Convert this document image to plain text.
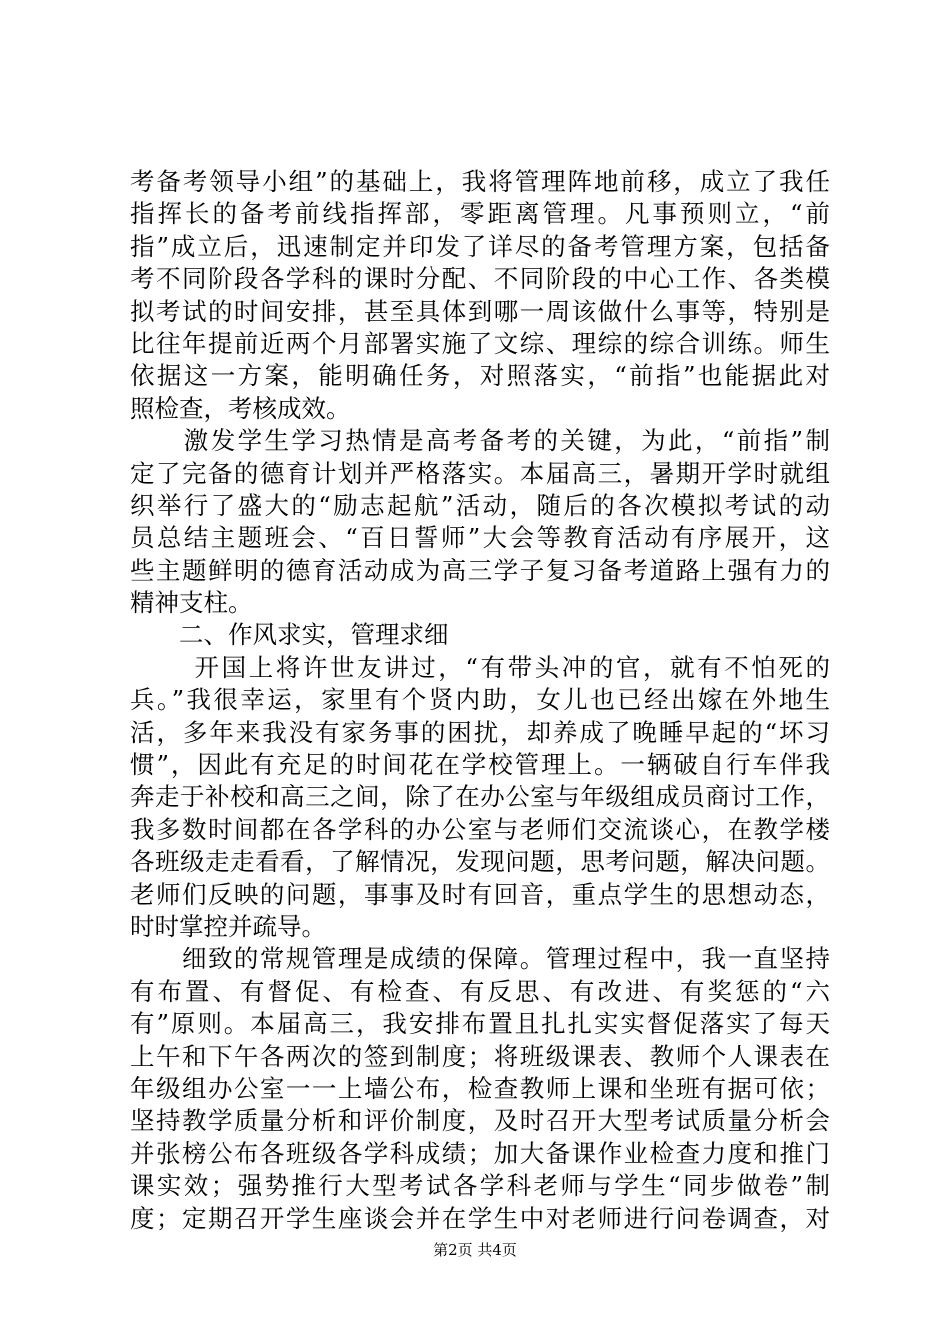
考备考领导小组”的基础上，我将管理阵地前移，成立了我任
指挥长的备考前线指挥部，零距离管理。凡事预则立，“前
指”成立后，迅速制定并印发了详尽的备考管理方案，包括备
考不同阶段各学科的课时分配、不同阶段的中心工作、各类模
拟考试的时间安排，甚至具体到哪一周该做什么事等，特别是
比往年提前近两个月部署实施了文综、理综的综合训练。师生
依据这一方案，能明确任务，对照落实，“前指”也能据此对
照检查，考核成效。
　　激发学生学习热情是高考备考的关键，为此，“前指”制
定了完备的德育计划并严格落实。本届高三，暑期开学时就组
织举行了盛大的“励志起航”活动，随后的各次模拟考试的动
员总结主题班会、“百日誓师”大会等教育活动有序展开，这
些主题鲜明的德育活动成为高三学子复习备考道路上强有力的
精神支柱。
　　二、作风求实，管理求细
　　 开国上将许世友讲过，“有带头冲的官，就有不怕死的
兵。”我很幸运，家里有个贤内助，女儿也已经出嫁在外地生
活，多年来我没有家务事的困扰，却养成了晚睡早起的“坏习
惯”，因此有充足的时间花在学校管理上。一辆破自行车伴我
奔走于补校和高三之间，除了在办公室与年级组成员商讨工作，
我多数时间都在各学科的办公室与老师们交流谈心，在教学楼
各班级走走看看，了解情况，发现问题，思考问题，解决问题。
老师们反映的问题，事事及时有回音，重点学生的思想动态，
时时掌控并疏导。
　　细致的常规管理是成绩的保障。管理过程中，我一直坚持
有布置、有督促、有检查、有反思、有改进、有奖惩的“六
有”原则。本届高三，我安排布置且扎扎实实督促落实了每天
上午和下午各两次的签到制度；将班级课表、教师个人课表在
年级组办公室一一上墙公布，检查教师上课和坐班有据可依；
坚持教学质量分析和评价制度，及时召开大型考试质量分析会
并张榜公布各班级各学科成绩；加大备课作业检查力度和推门
课实效；强势推行大型考试各学科老师与学生“同步做卷”制
度；定期召开学生座谈会并在学生中对老师进行问卷调查，对
第2页 共4页
